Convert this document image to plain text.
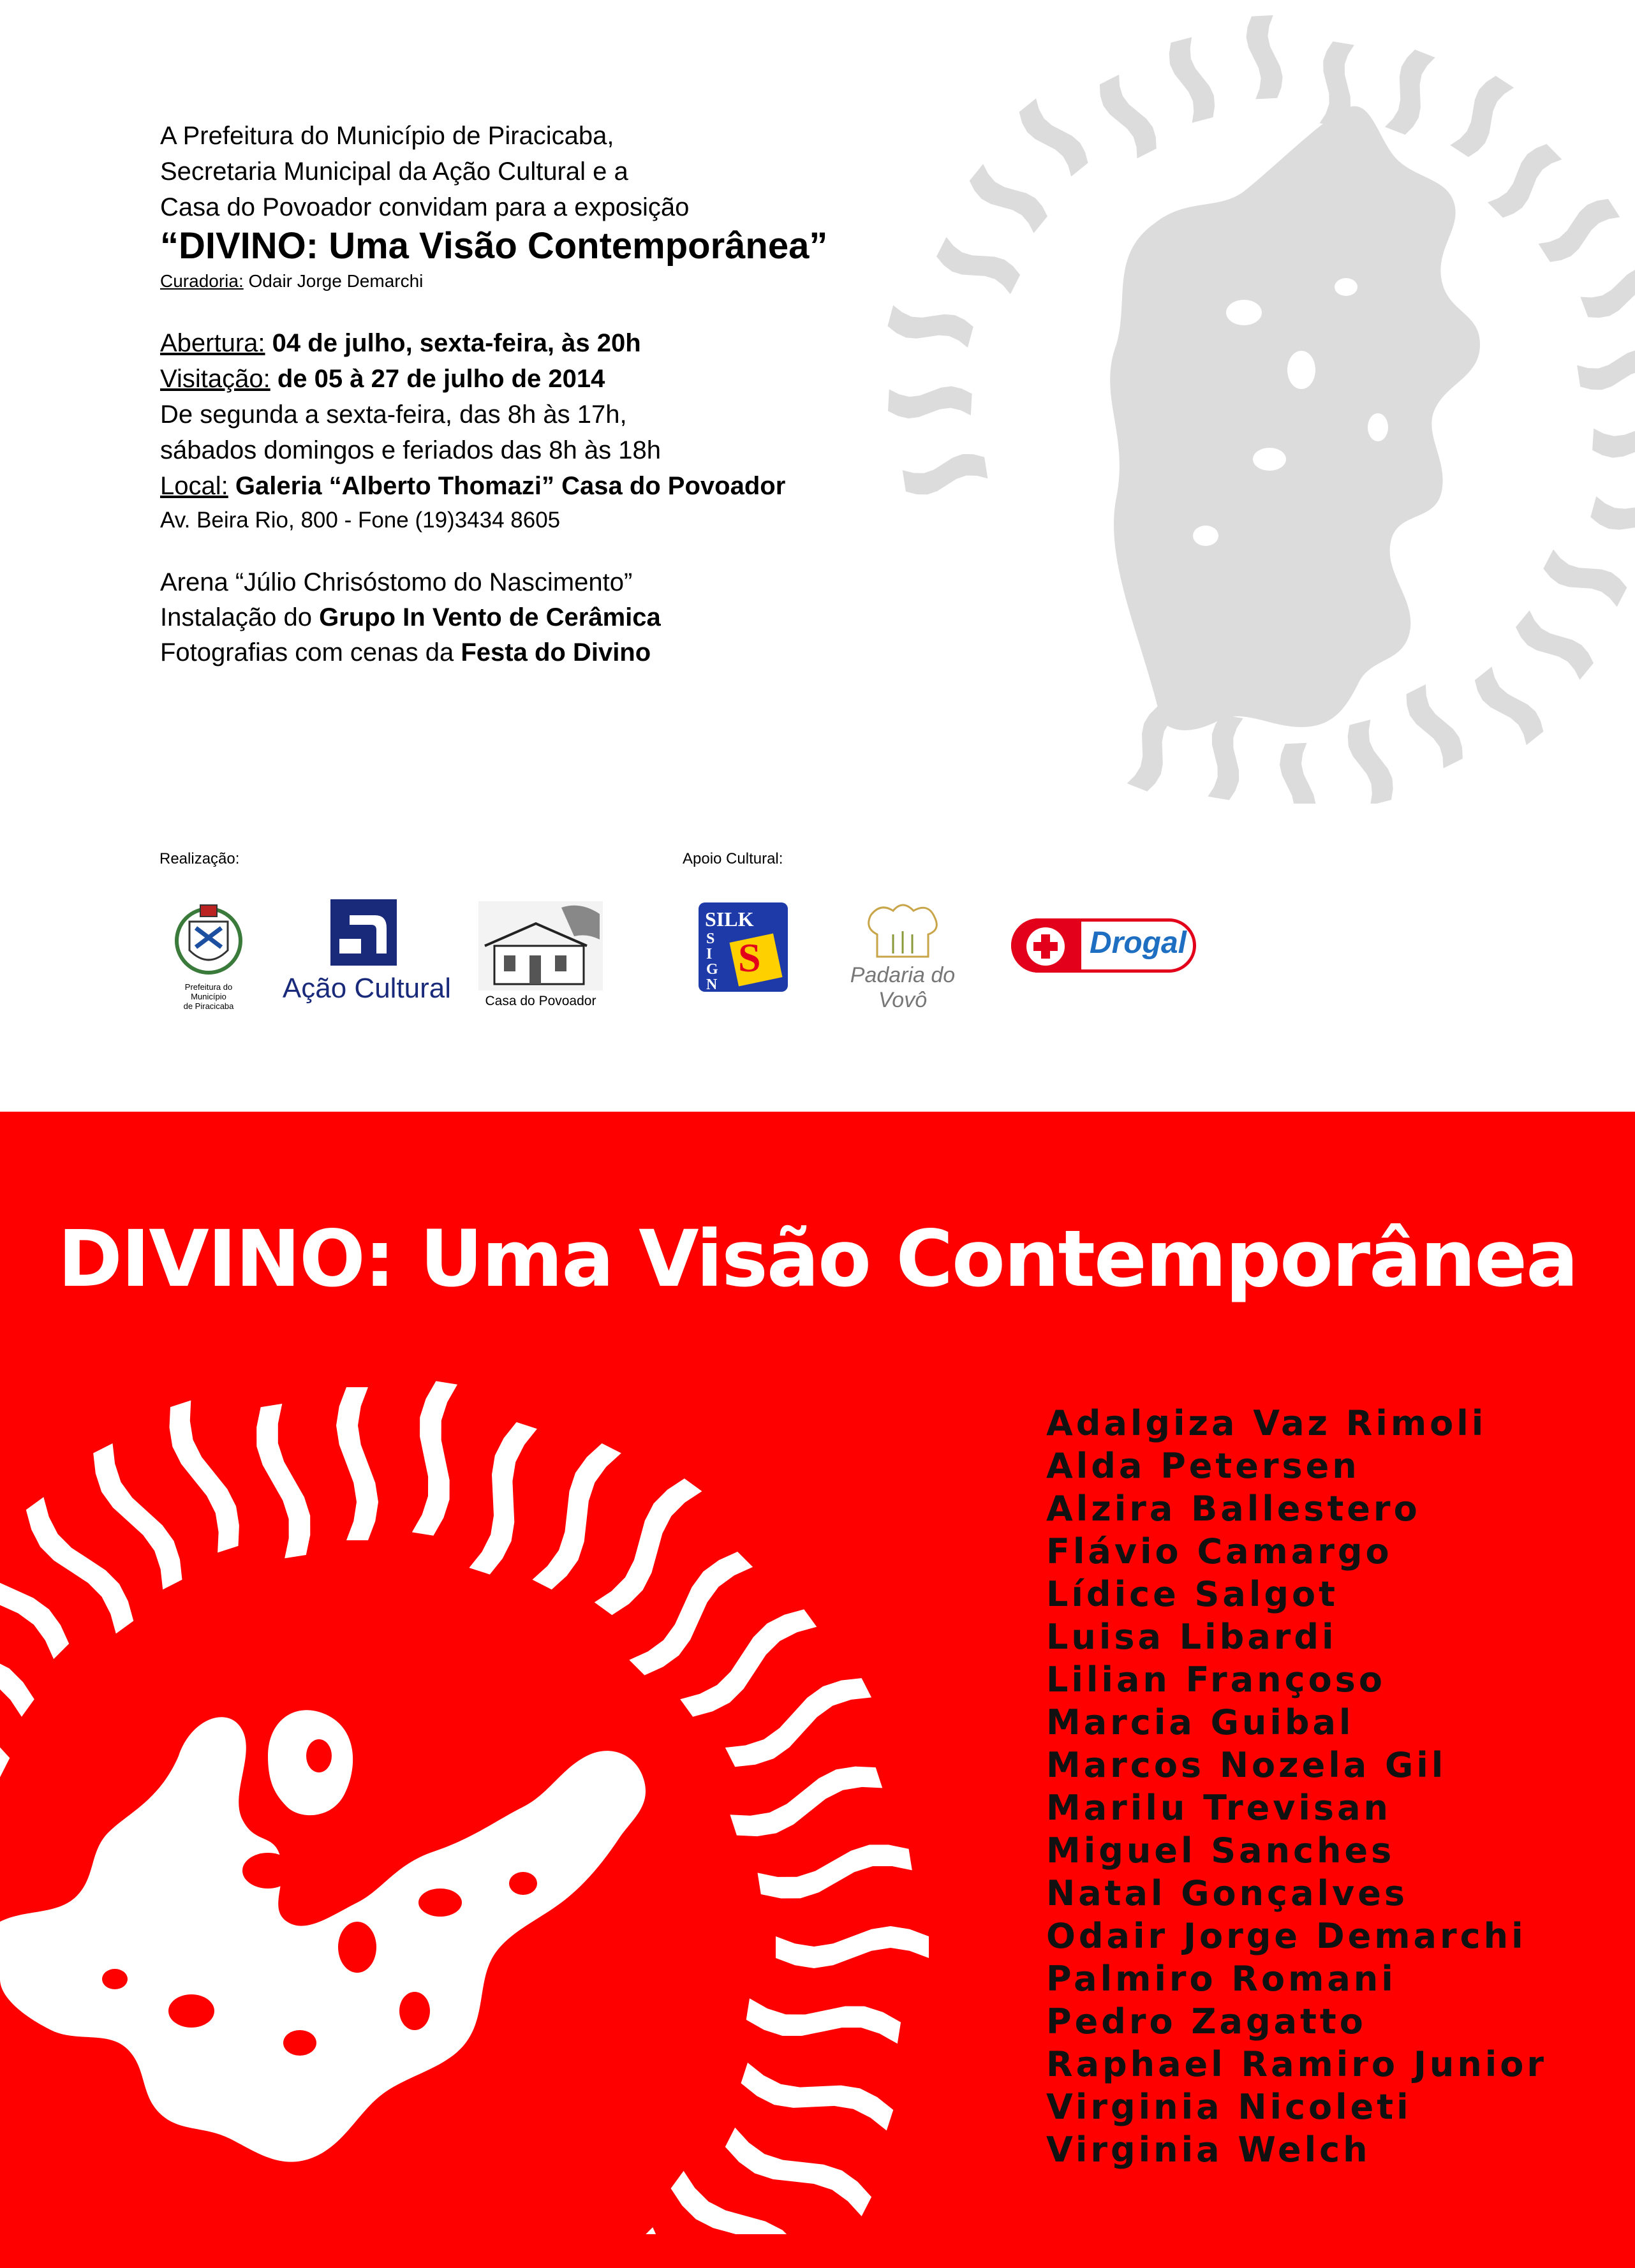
A Prefeitura do Município de Piracicaba,
Secretaria Municipal da Ação Cultural e a
Casa do Povoador convidam para a exposição
“DIVINO: Uma Visão Contemporânea”
Curadoria: Odair Jorge Demarchi
Abertura: 04 de julho, sexta-feira, às 20h
Visitação: de 05 à 27 de julho de 2014
De segunda a sexta-feira, das 8h às 17h,
sábados domingos e feriados das 8h às 18h
Local: Galeria “Alberto Thomazi” Casa do Povoador
Av. Beira Rio, 800 - Fone (19)3434 8605
Arena “Júlio Chrisóstomo do Nascimento”
Instalação do Grupo In Vento de Cerâmica
Fotografias com cenas da Festa do Divino
Realização:	Apoio Cultural:
Prefeitura do Município
de Piracicaba
Ação Cultural	Casa do Povoador
SILK
SIGN
S	Padaria do Vovô
Drogal
DIVINO: Uma Visão Contemporânea
Adalgiza Vaz Rimoli
Alda Petersen
Alzira Ballestero
Flávio Camargo
Lídice Salgot
Luisa Libardi
Lilian Françoso
Marcia Guibal
Marcos Nozela Gil
Marilu Trevisan
Miguel Sanches
Natal Gonçalves
Odair Jorge Demarchi
Palmiro Romani
Pedro Zagatto
Raphael Ramiro Junior
Virginia Nicoleti
Virginia Welch
